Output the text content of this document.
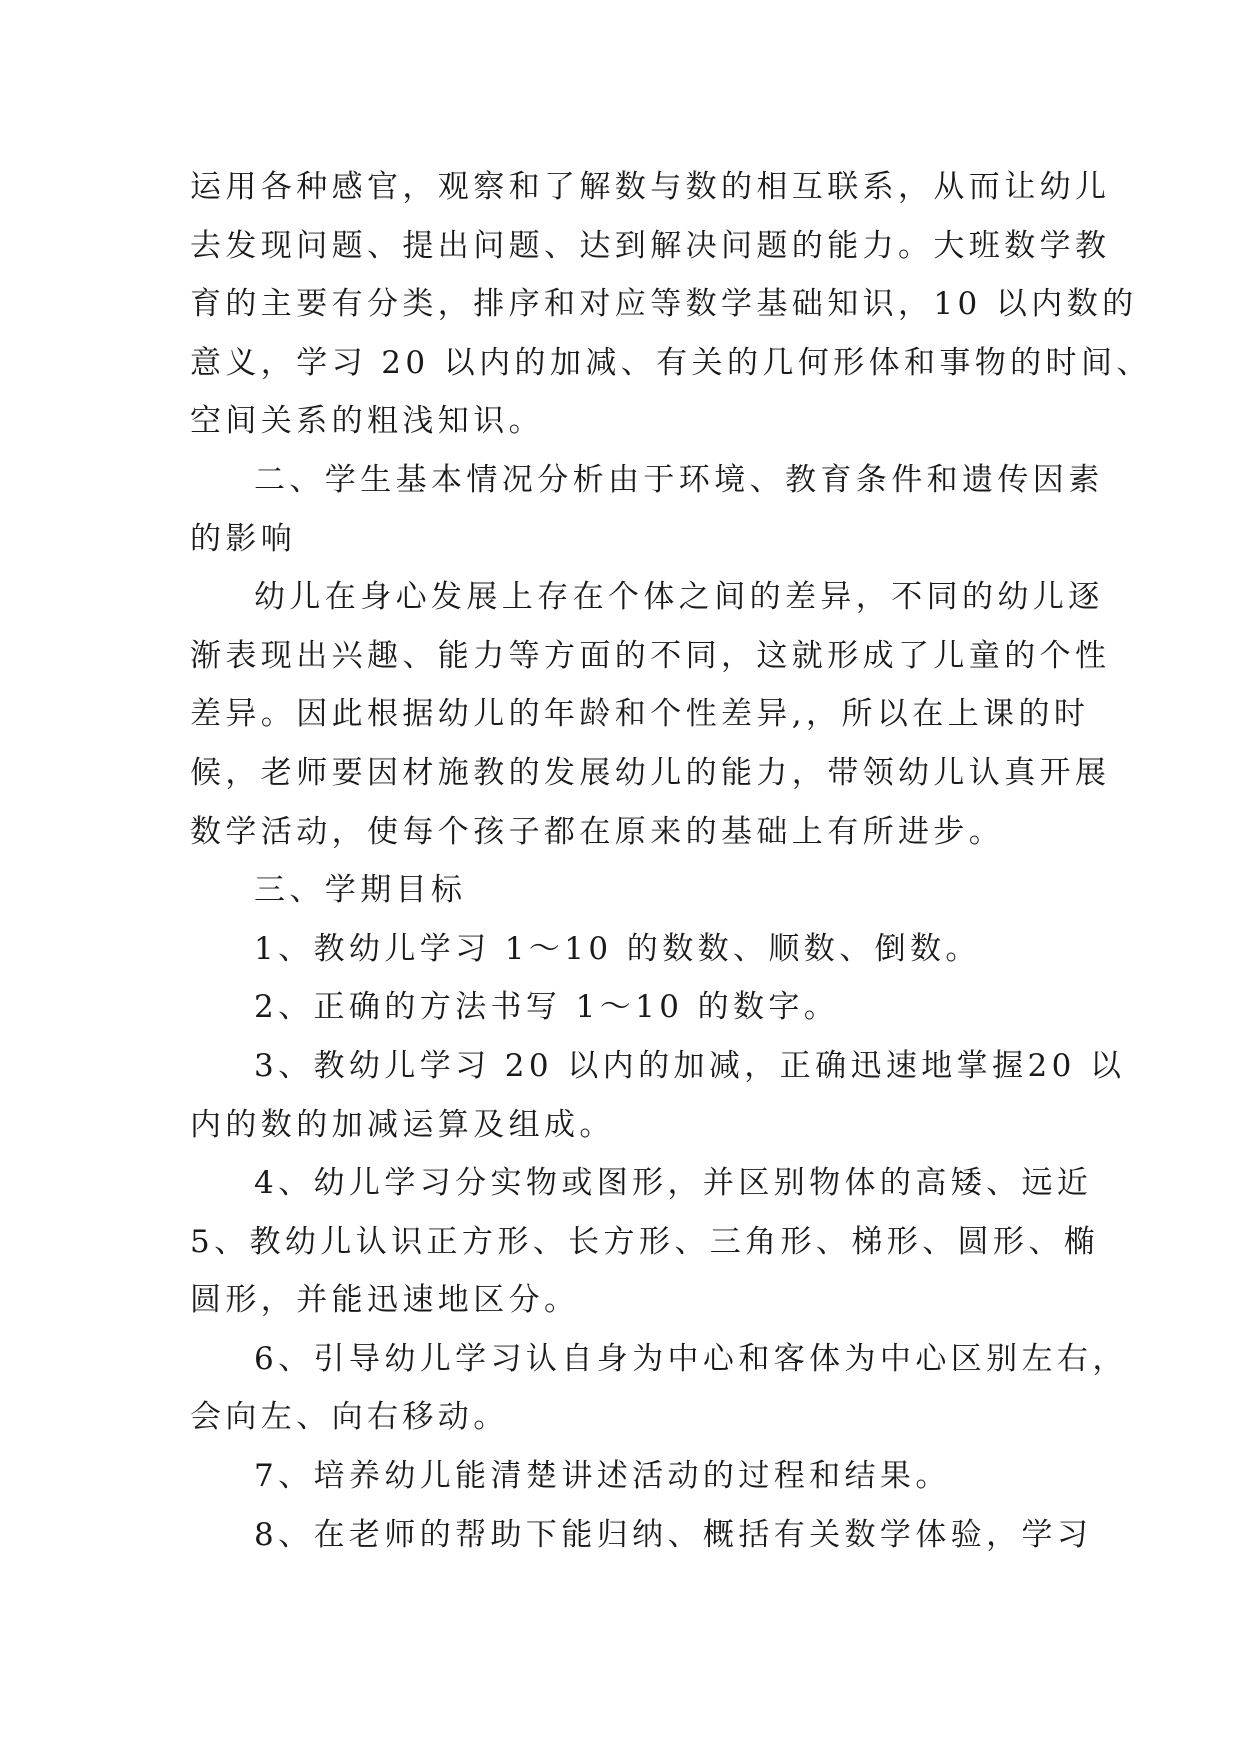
运用各种感官，观察和了解数与数的相互联系，从而让幼儿
去发现问题、提出问题、达到解决问题的能力。大班数学教
育的主要有分类，排序和对应等数学基础知识，10 以内数的
意义，学习 20 以内的加减、有关的几何形体和事物的时间、
空间关系的粗浅知识。
二、学生基本情况分析由于环境、教育条件和遗传因素
的影响
幼儿在身心发展上存在个体之间的差异，不同的幼儿逐
渐表现出兴趣、能力等方面的不同，这就形成了儿童的个性
差异。因此根据幼儿的年龄和个性差异,，所以在上课的时
候，老师要因材施教的发展幼儿的能力，带领幼儿认真开展
数学活动，使每个孩子都在原来的基础上有所进步。
三、学期目标
1、教幼儿学习 1～10 的数数、顺数、倒数。
2、正确的方法书写 1～10 的数字。
3、教幼儿学习 20 以内的加减，正确迅速地掌握20 以
内的数的加减运算及组成。
4、幼儿学习分实物或图形，并区别物体的高矮、远近
5、教幼儿认识正方形、长方形、三角形、梯形、圆形、椭
圆形，并能迅速地区分。
6、引导幼儿学习认自身为中心和客体为中心区别左右，
会向左、向右移动。
7、培养幼儿能清楚讲述活动的过程和结果。
8、在老师的帮助下能归纳、概括有关数学体验，学习
